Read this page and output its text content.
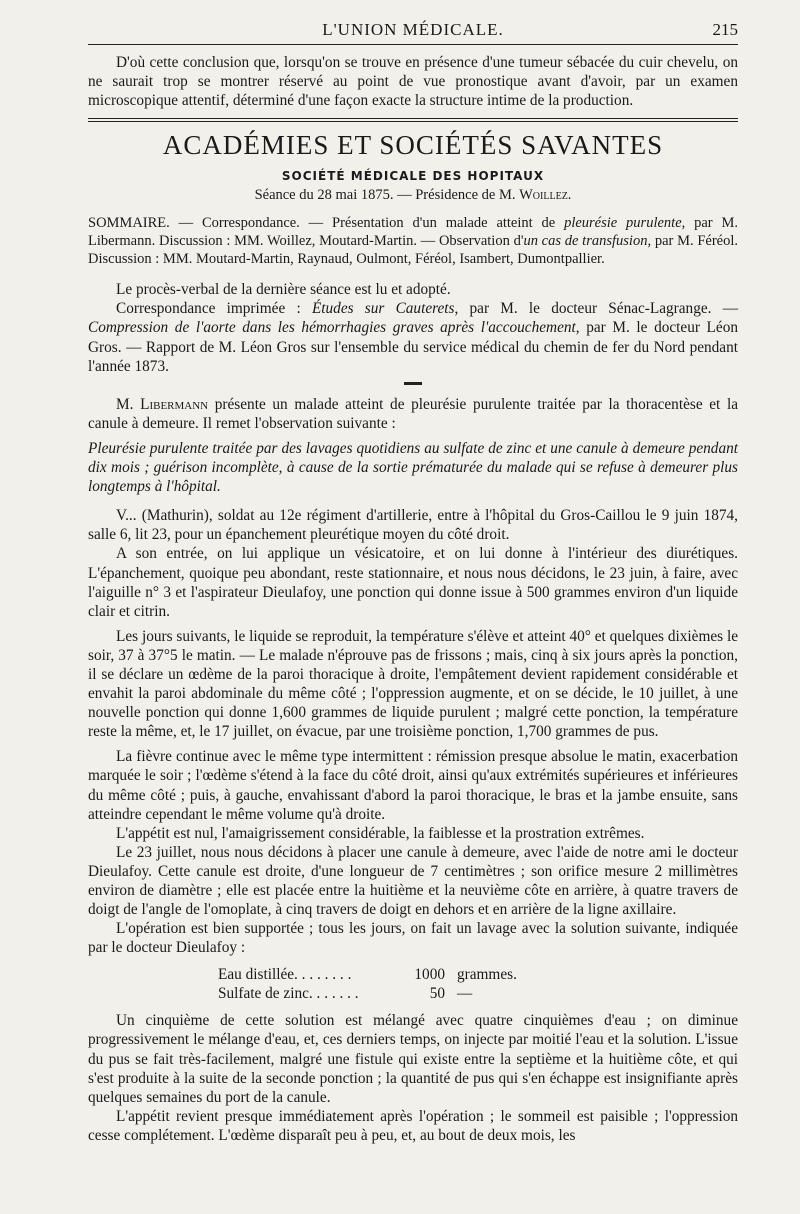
L'UNION MÉDICALE.	215

D'où cette conclusion que, lorsqu'on se trouve en présence d'une tumeur sébacée du cuir chevelu, on ne saurait trop se montrer réservé au point de vue pronostique avant d'avoir, par un examen microscopique attentif, déterminé d'une façon exacte la structure intime de la production.

ACADÉMIES ET SOCIÉTÉS SAVANTES
SOCIÉTÉ MÉDICALE DES HOPITAUX
Séance du 28 mai 1875. — Présidence de M. Woillez.
SOMMAIRE. — Correspondance. — Présentation d'un malade atteint de pleurésie purulente, par M. Libermann. Discussion : MM. Woillez, Moutard-Martin. — Observation d'un cas de transfusion, par M. Féréol. Discussion : MM. Moutard-Martin, Raynaud, Oulmont, Féréol, Isambert, Dumontpallier.

Le procès-verbal de la dernière séance est lu et adopté.

Correspondance imprimée : Études sur Cauterets, par M. le docteur Sénac-Lagrange. — Compression de l'aorte dans les hémorrhagies graves après l'accouchement, par M. le docteur Léon Gros. — Rapport de M. Léon Gros sur l'ensemble du service médical du chemin de fer du Nord pendant l'année 1873.

M. Libermann présente un malade atteint de pleurésie purulente traitée par la thoracentèse et la canule à demeure. Il remet l'observation suivante :

Pleurésie purulente traitée par des lavages quotidiens au sulfate de zinc et une canule à demeure pendant dix mois ; guérison incomplète, à cause de la sortie prématurée du malade qui se refuse à demeurer plus longtemps à l'hôpital.

V... (Mathurin), soldat au 12e régiment d'artillerie, entre à l'hôpital du Gros-Caillou le 9 juin 1874, salle 6, lit 23, pour un épanchement pleurétique moyen du côté droit.

A son entrée, on lui applique un vésicatoire, et on lui donne à l'intérieur des diurétiques. L'épanchement, quoique peu abondant, reste stationnaire, et nous nous décidons, le 23 juin, à faire, avec l'aiguille n° 3 et l'aspirateur Dieulafoy, une ponction qui donne issue à 500 grammes environ d'un liquide clair et citrin.

Les jours suivants, le liquide se reproduit, la température s'élève et atteint 40° et quelques dixièmes le soir, 37 à 37°5 le matin. — Le malade n'éprouve pas de frissons ; mais, cinq à six jours après la ponction, il se déclare un œdème de la paroi thoracique à droite, l'empâtement devient rapidement considérable et envahit la paroi abdominale du même côté ; l'oppression augmente, et on se décide, le 10 juillet, à une nouvelle ponction qui donne 1,600 grammes de liquide purulent ; malgré cette ponction, la température reste la même, et, le 17 juillet, on évacue, par une troisième ponction, 1,700 grammes de pus.

La fièvre continue avec le même type intermittent : rémission presque absolue le matin, exacerbation marquée le soir ; l'œdème s'étend à la face du côté droit, ainsi qu'aux extrémités supérieures et inférieures du même côté ; puis, à gauche, envahissant d'abord la paroi thoracique, le bras et la jambe ensuite, sans atteindre cependant le même volume qu'à droite.

L'appétit est nul, l'amaigrissement considérable, la faiblesse et la prostration extrêmes.

Le 23 juillet, nous nous décidons à placer une canule à demeure, avec l'aide de notre ami le docteur Dieulafoy. Cette canule est droite, d'une longueur de 7 centimètres ; son orifice mesure 2 millimètres environ de diamètre ; elle est placée entre la huitième et la neuvième côte en arrière, à quatre travers de doigt de l'angle de l'omoplate, à cinq travers de doigt en dehors et en arrière de la ligne axillaire.

L'opération est bien supportée ; tous les jours, on fait un lavage avec la solution suivante, indiquée par le docteur Dieulafoy :

Eau distillée. . . . . . . .	1000 grammes.
Sulfate de zinc. . . . . . .	50 —

Un cinquième de cette solution est mélangé avec quatre cinquièmes d'eau ; on diminue progressivement le mélange d'eau, et, ces derniers temps, on injecte par moitié l'eau et la solution. L'issue du pus se fait très-facilement, malgré une fistule qui existe entre la septième et la huitième côte, et qui s'est produite à la suite de la seconde ponction ; la quantité de pus qui s'en échappe est insignifiante après quelques semaines du port de la canule.

L'appétit revient presque immédiatement après l'opération ; le sommeil est paisible ; l'oppression cesse complétement. L'œdème disparaît peu à peu, et, au bout de deux mois, les
